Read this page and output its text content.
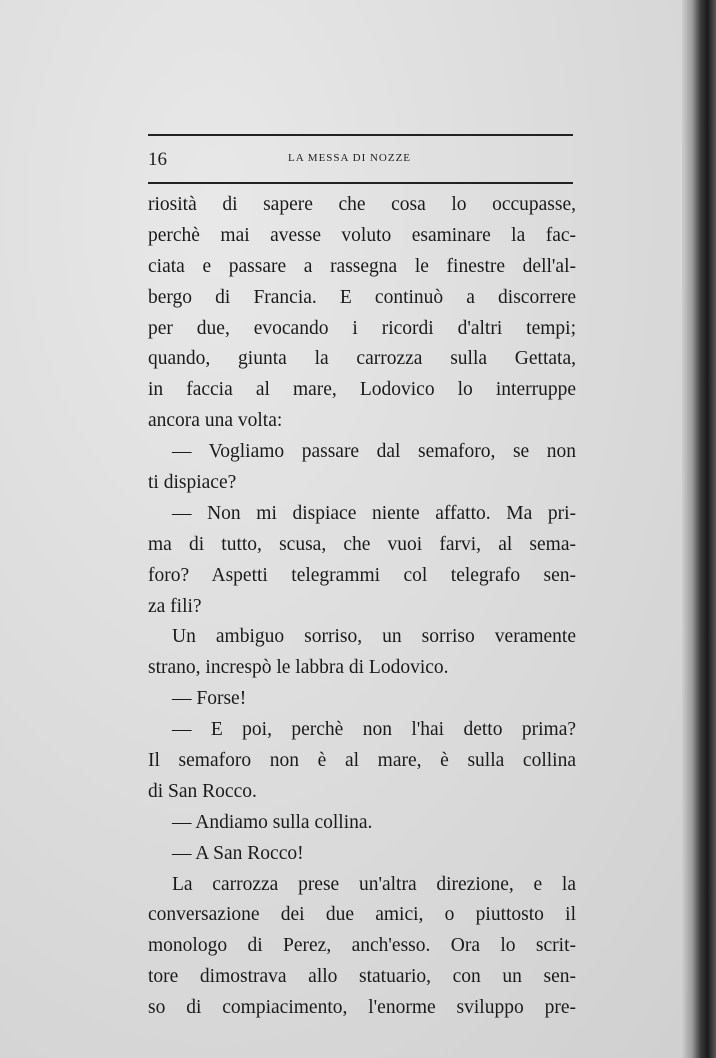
16	LA MESSA DI NOZZE
riosità di sapere che cosa lo occupasse,
perchè mai avesse voluto esaminare la fac-
ciata e passare a rassegna le finestre dell'al-
bergo di Francia. E continuò a discorrere
per due, evocando i ricordi d'altri tempi;
quando, giunta la carrozza sulla Gettata,
in faccia al mare, Lodovico lo interruppe
ancora una volta:
— Vogliamo passare dal semaforo, se non
ti dispiace?
— Non mi dispiace niente affatto. Ma pri-
ma di tutto, scusa, che vuoi farvi, al sema-
foro? Aspetti telegrammi col telegrafo sen-
za fili?
Un ambiguo sorriso, un sorriso veramente
strano, increspò le labbra di Lodovico.
— Forse!
— E poi, perchè non l'hai detto prima?
Il semaforo non è al mare, è sulla collina
di San Rocco.
— Andiamo sulla collina.
— A San Rocco!
La carrozza prese un'altra direzione, e la
conversazione dei due amici, o piuttosto il
monologo di Perez, anch'esso. Ora lo scrit-
tore dimostrava allo statuario, con un sen-
so di compiacimento, l'enorme sviluppo pre-
